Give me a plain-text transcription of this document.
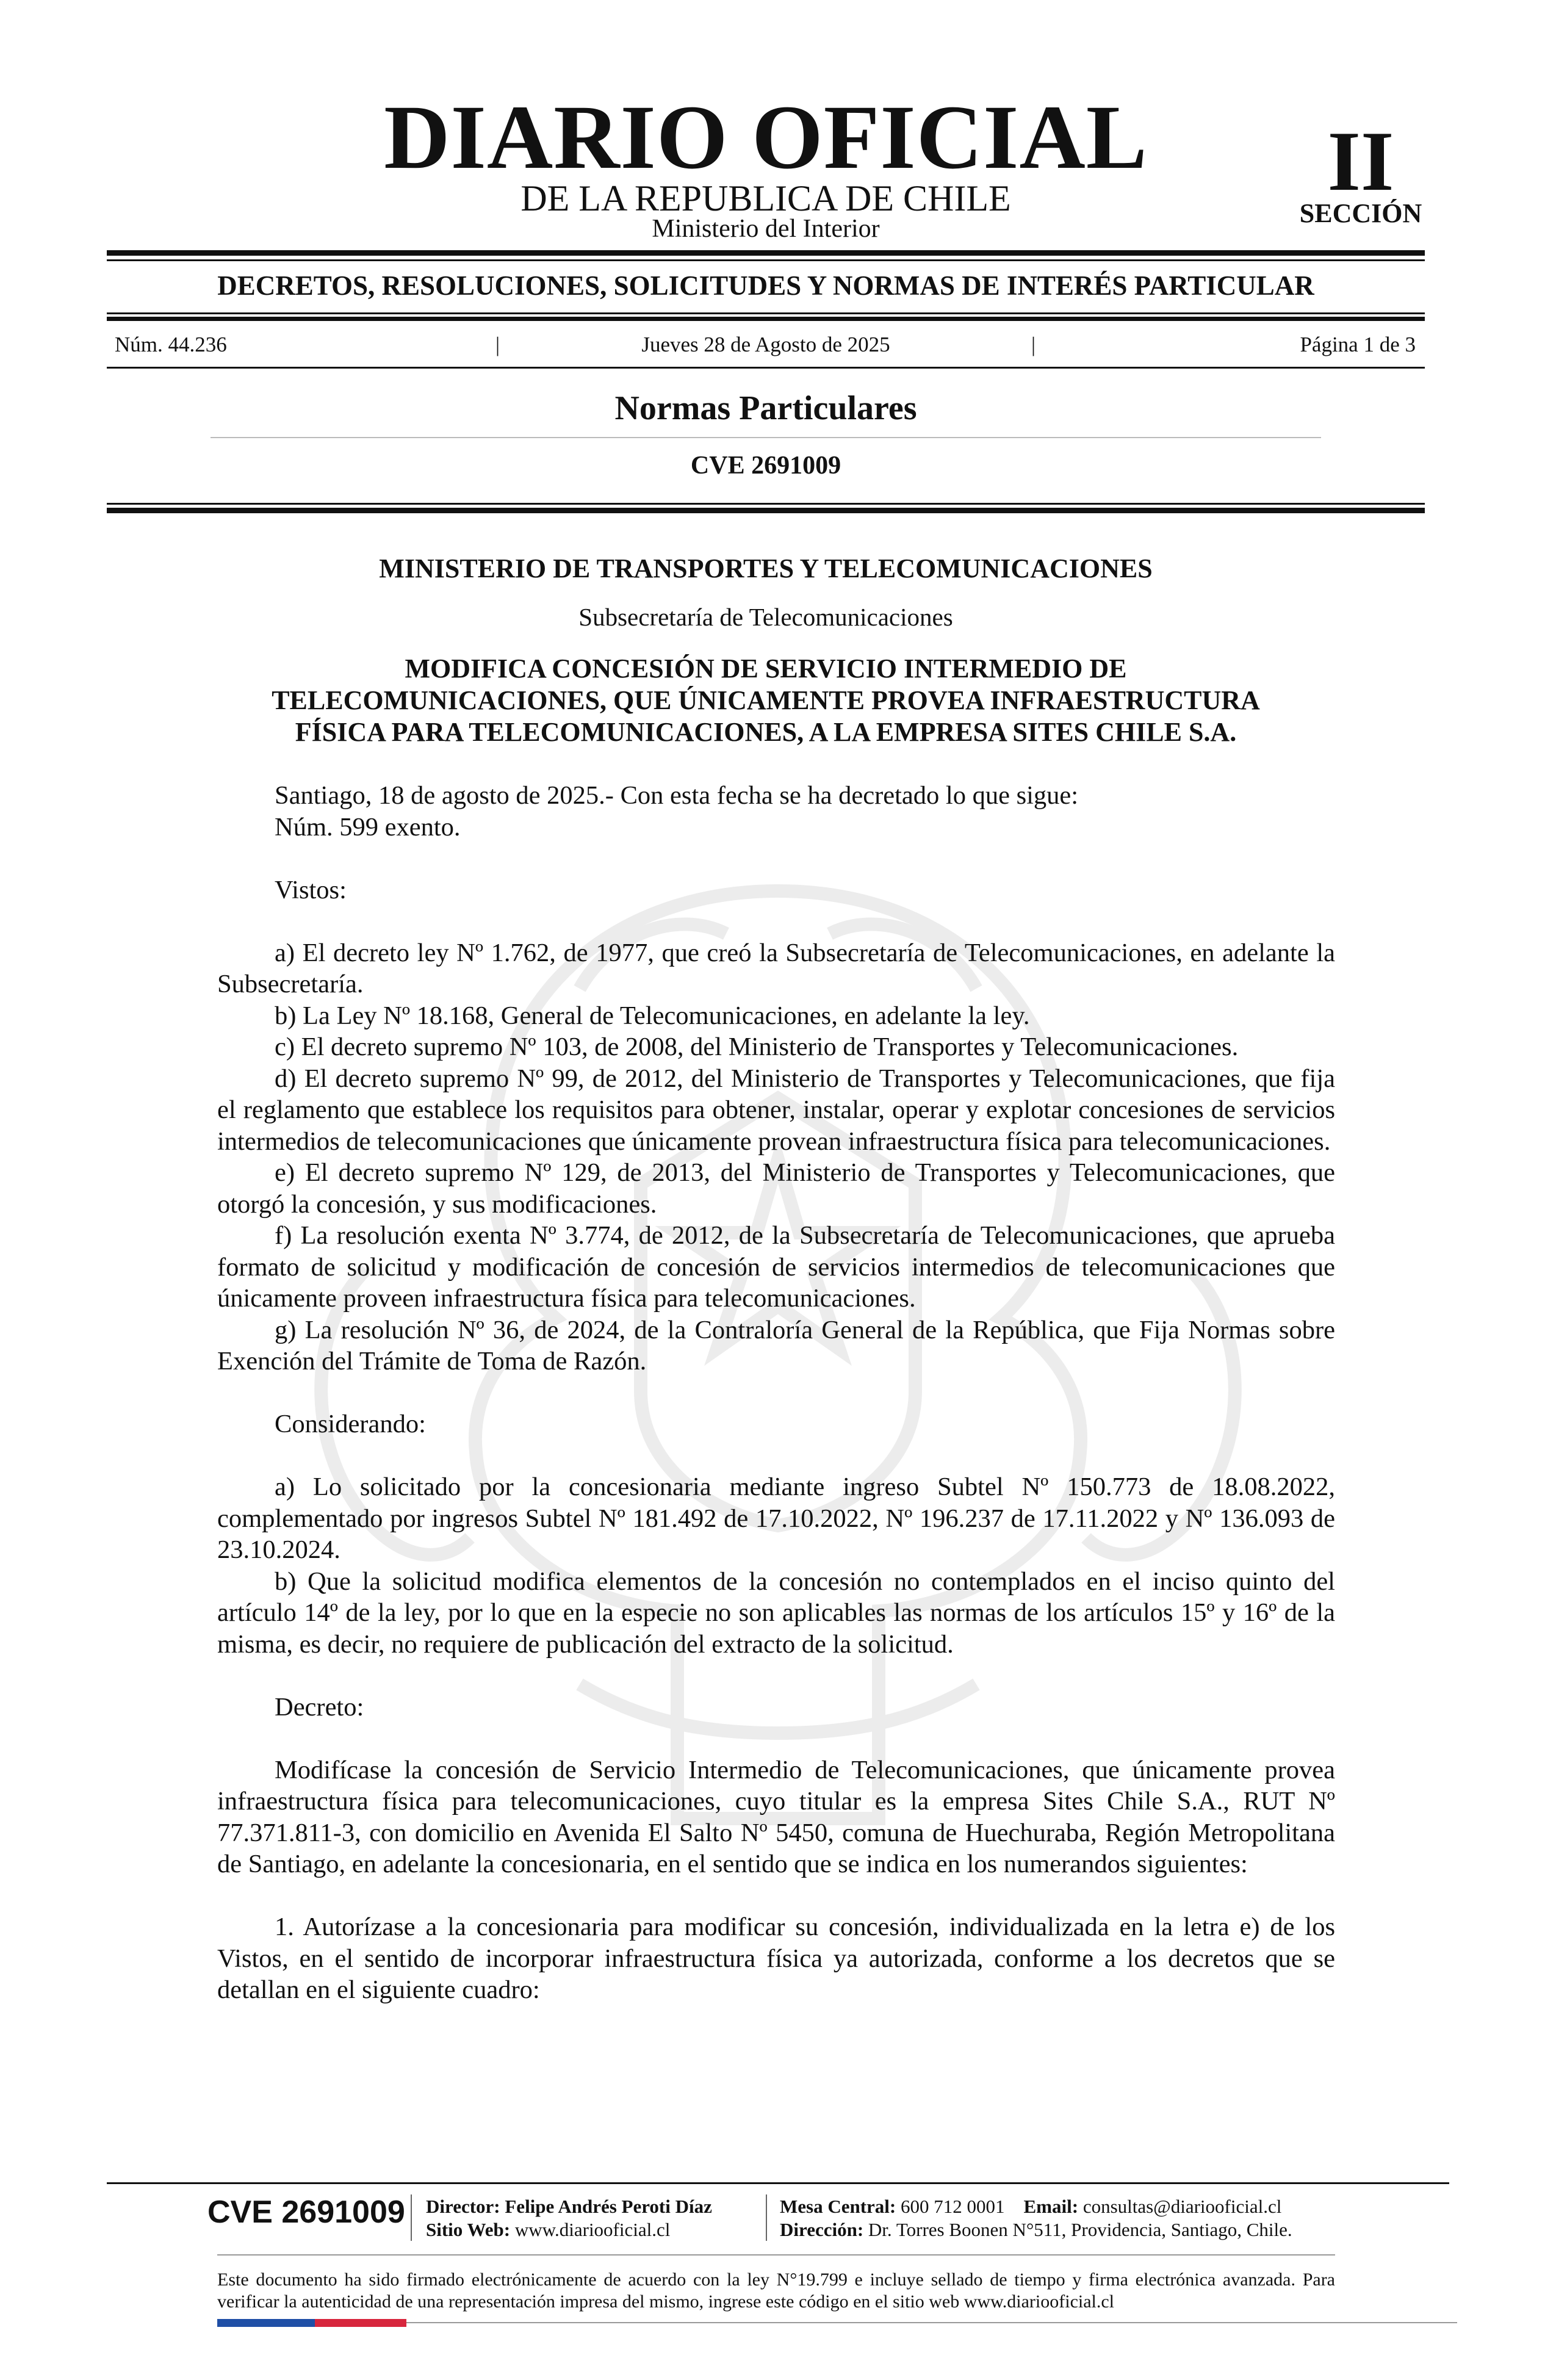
DIARIO OFICIAL
DE LA REPUBLICA DE CHILE
Ministerio del Interior
II
SECCIÓN
DECRETOS, RESOLUCIONES, SOLICITUDES Y NORMAS DE INTERÉS PARTICULAR
Núm. 44.236	|	Jueves 28 de Agosto de 2025	|	Página 1 de 3
Normas Particulares
CVE 2691009
MINISTERIO DE TRANSPORTES Y TELECOMUNICACIONES
Subsecretaría de Telecomunicaciones
MODIFICA CONCESIÓN DE SERVICIO INTERMEDIO DE
TELECOMUNICACIONES, QUE ÚNICAMENTE PROVEA INFRAESTRUCTURA
FÍSICA PARA TELECOMUNICACIONES, A LA EMPRESA SITES CHILE S.A.

Santiago, 18 de agosto de 2025.- Con esta fecha se ha decretado lo que sigue:

Núm. 599 exento.

Vistos:

a) El decreto ley Nº 1.762, de 1977, que creó la Subsecretaría de Telecomunicaciones, en adelante la Subsecretaría.

b) La Ley Nº 18.168, General de Telecomunicaciones, en adelante la ley.

c) El decreto supremo Nº 103, de 2008, del Ministerio de Transportes y Telecomunicaciones.

d) El decreto supremo Nº 99, de 2012, del Ministerio de Transportes y Telecomunicaciones, que fija el reglamento que establece los requisitos para obtener, instalar, operar y explotar concesiones de servicios intermedios de telecomunicaciones que únicamente provean infraestructura física para telecomunicaciones.

e) El decreto supremo Nº 129, de 2013, del Ministerio de Transportes y Telecomunicaciones, que otorgó la concesión, y sus modificaciones.

f) La resolución exenta Nº 3.774, de 2012, de la Subsecretaría de Telecomunicaciones, que aprueba formato de solicitud y modificación de concesión de servicios intermedios de telecomunicaciones que únicamente proveen infraestructura física para telecomunicaciones.

g) La resolución Nº 36, de 2024, de la Contraloría General de la República, que Fija Normas sobre Exención del Trámite de Toma de Razón.

Considerando:

a) Lo solicitado por la concesionaria mediante ingreso Subtel Nº 150.773 de 18.08.2022, complementado por ingresos Subtel Nº 181.492 de 17.10.2022, Nº 196.237 de 17.11.2022 y Nº 136.093 de 23.10.2024.

b) Que la solicitud modifica elementos de la concesión no contemplados en el inciso quinto del artículo 14º de la ley, por lo que en la especie no son aplicables las normas de los artículos 15º y 16º de la misma, es decir, no requiere de publicación del extracto de la solicitud.

Decreto:

Modifícase la concesión de Servicio Intermedio de Telecomunicaciones, que únicamente provea infraestructura física para telecomunicaciones, cuyo titular es la empresa Sites Chile S.A., RUT Nº 77.371.811-3, con domicilio en Avenida El Salto Nº 5450, comuna de Huechuraba, Región Metropolitana de Santiago, en adelante la concesionaria, en el sentido que se indica en los numerandos siguientes:

1. Autorízase a la concesionaria para modificar su concesión, individualizada en la letra e) de los Vistos, en el sentido de incorporar infraestructura física ya autorizada, conforme a los decretos que se detallan en el siguiente cuadro:

CVE 2691009 Director: Felipe Andrés Peroti Díaz
Sitio Web: www.diariooficial.cl
Mesa Central: 600 712 0001 Email: consultas@diariooficial.cl
Dirección: Dr. Torres Boonen N°511, Providencia, Santiago, Chile.
Este documento ha sido firmado electrónicamente de acuerdo con la ley N°19.799 e incluye sellado de tiempo y firma electrónica avanzada. Para verificar la autenticidad de una representación impresa del mismo, ingrese este código en el sitio web www.diariooficial.cl
